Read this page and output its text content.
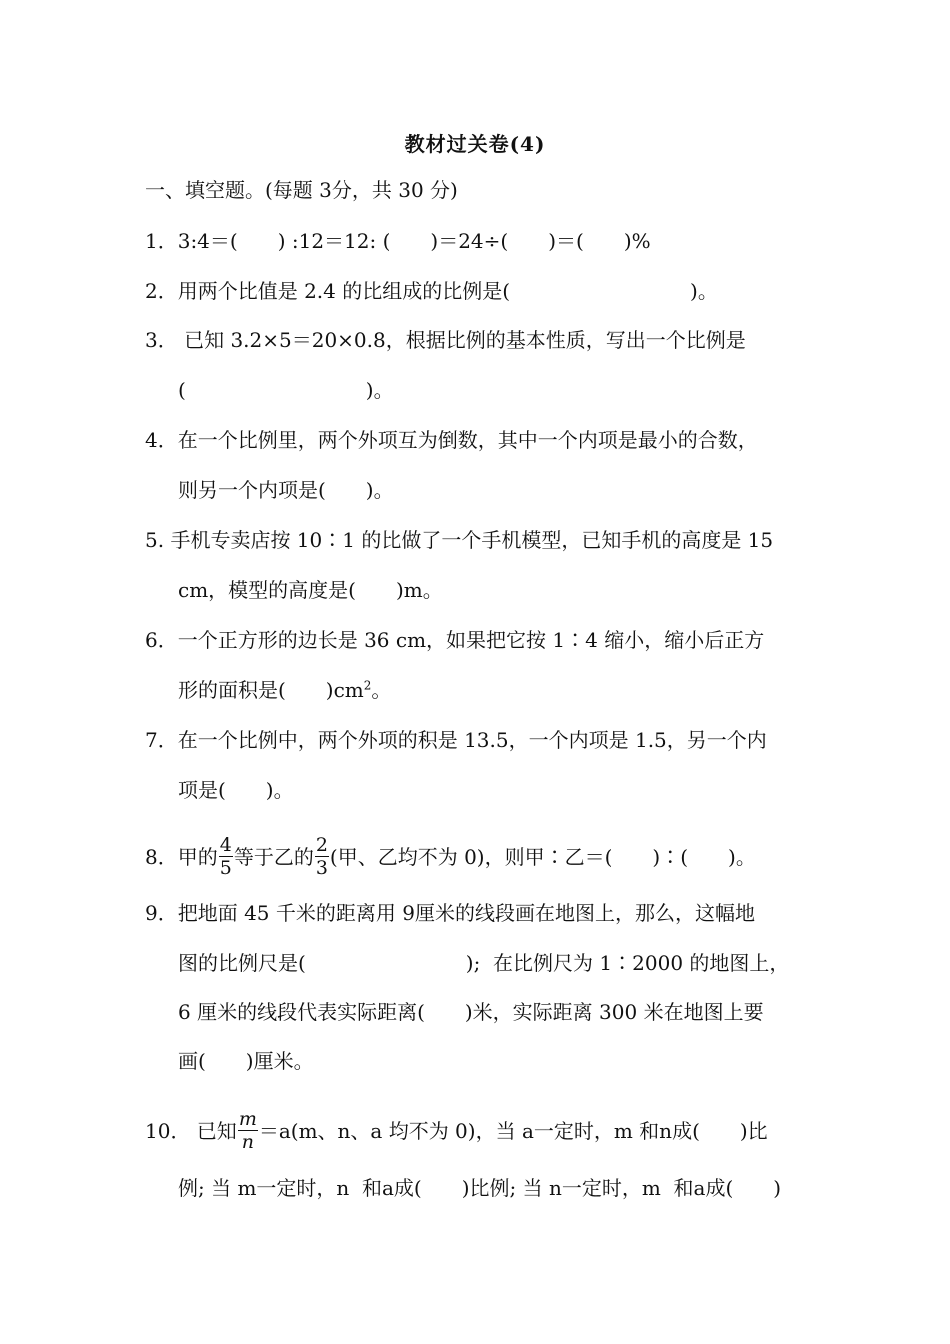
教材过关卷(4)
一、填空题。(每题 3分，共 30 分)
1．3:4＝(　　) :12＝12: (　　)＝24÷(　　)＝(　　)%
2．用两个比值是 2.4 的比组成的比例是(　　　　　　　　　)。
3． 已知 3.2×5＝20×0.8，根据比例的基本性质，写出一个比例是
(　　　　　　　　　)。
4．在一个比例里，两个外项互为倒数，其中一个内项是最小的合数，
则另一个内项是(　　)。
5. 手机专卖店按 10∶1 的比做了一个手机模型，已知手机的高度是 15
cm，模型的高度是(　　)m。
6．一个正方形的边长是 36 cm，如果把它按 1∶4 缩小，缩小后正方
形的面积是(　　)$cm^2$。
7．在一个比例中，两个外项的积是 13.5，一个内项是 1.5，另一个内
项是(　　)。
8．甲的 $\frac{4}{5}$ 等于乙的 $\frac{2}{3}$ (甲、乙均不为 0)，则甲∶乙＝(　　)∶(　　)。
9．把地面 45 千米的距离用 9厘米的线段画在地图上，那么，这幅地
图的比例尺是(　　　　　　　　);  在比例尺为 1∶2000 的地图上，
6 厘米的线段代表实际距离(　　)米，实际距离 300 米在地图上要
画(　　)厘米。
10． 已知 $\frac{m}{n} =a(m$、n、a 均不为 0)，当 a一定时，m 和n成(　　)比
例; 当 m一定时，n  和a成(　　)比例; 当 n一定时，m  和a成(　　)
